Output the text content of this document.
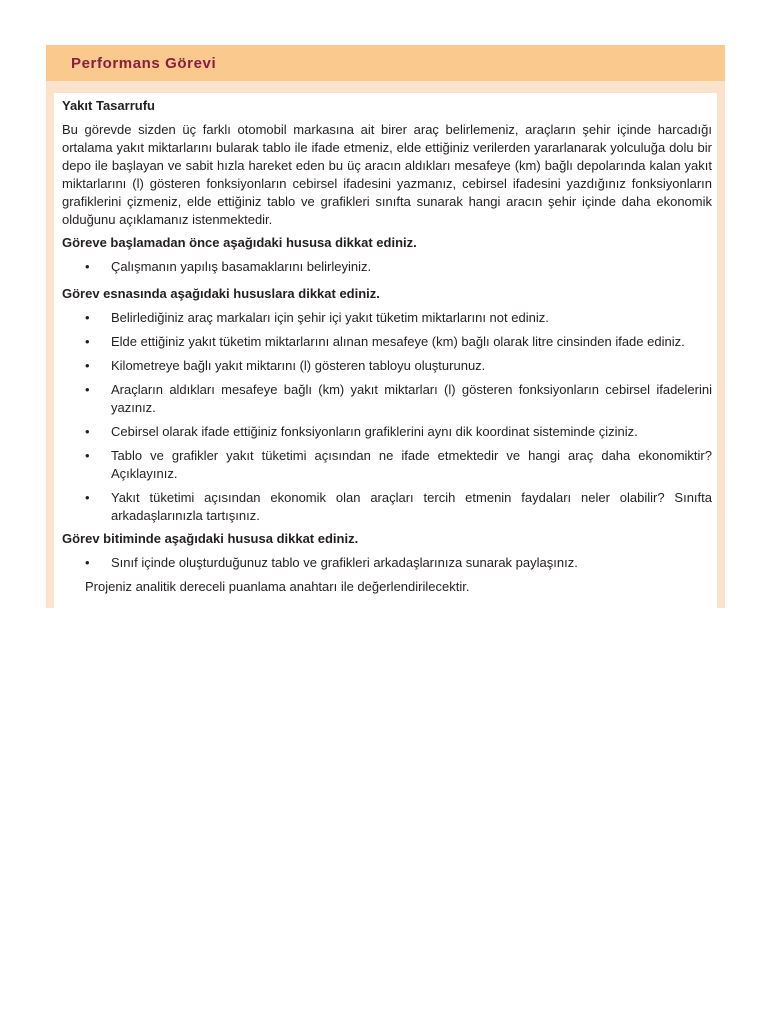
Performans Görevi

Yakıt Tasarrufu

Bu görevde sizden üç farklı otomobil markasına ait birer araç belirlemeniz, araçların şehir içinde harcadığı ortalama yakıt miktarlarını bularak tablo ile ifade etmeniz, elde ettiğiniz verilerden yararlanarak yolculuğa dolu bir depo ile başlayan ve sabit hızla hareket eden bu üç aracın aldıkları mesafeye (km) bağlı depolarında kalan yakıt miktarlarını (l) gösteren fonksiyonların cebirsel ifadesini yazmanız, cebirsel ifadesini yazdığınız fonksiyonların grafiklerini çizmeniz, elde ettiğiniz tablo ve grafikleri sınıfta sunarak hangi aracın şehir içinde daha ekonomik olduğunu açıklamanız istenmektedir.

Göreve başlamadan önce aşağıdaki hususa dikkat ediniz.

• Çalışmanın yapılış basamaklarını belirleyiniz.

Görev esnasında aşağıdaki hususlara dikkat ediniz.

• Belirlediğiniz araç markaları için şehir içi yakıt tüketim miktarlarını not ediniz.
• Elde ettiğiniz yakıt tüketim miktarlarını alınan mesafeye (km) bağlı olarak litre cinsinden ifade ediniz.
• Kilometreye bağlı yakıt miktarını (l) gösteren tabloyu oluşturunuz.
• Araçların aldıkları mesafeye bağlı (km) yakıt miktarları (l) gösteren fonksiyonların cebirsel ifadelerini yazınız.
• Cebirsel olarak ifade ettiğiniz fonksiyonların grafiklerini aynı dik koordinat sisteminde çiziniz.
• Tablo ve grafikler yakıt tüketimi açısından ne ifade etmektedir ve hangi araç daha ekonomiktir? Açıklayınız.
• Yakıt tüketimi açısından ekonomik olan araçları tercih etmenin faydaları neler olabilir? Sınıfta arkadaşlarınızla tartışınız.

Görev bitiminde aşağıdaki hususa dikkat ediniz.

• Sınıf içinde oluşturduğunuz tablo ve grafikleri arkadaşlarınıza sunarak paylaşınız.

Projeniz analitik dereceli puanlama anahtarı ile değerlendirilecektir.
